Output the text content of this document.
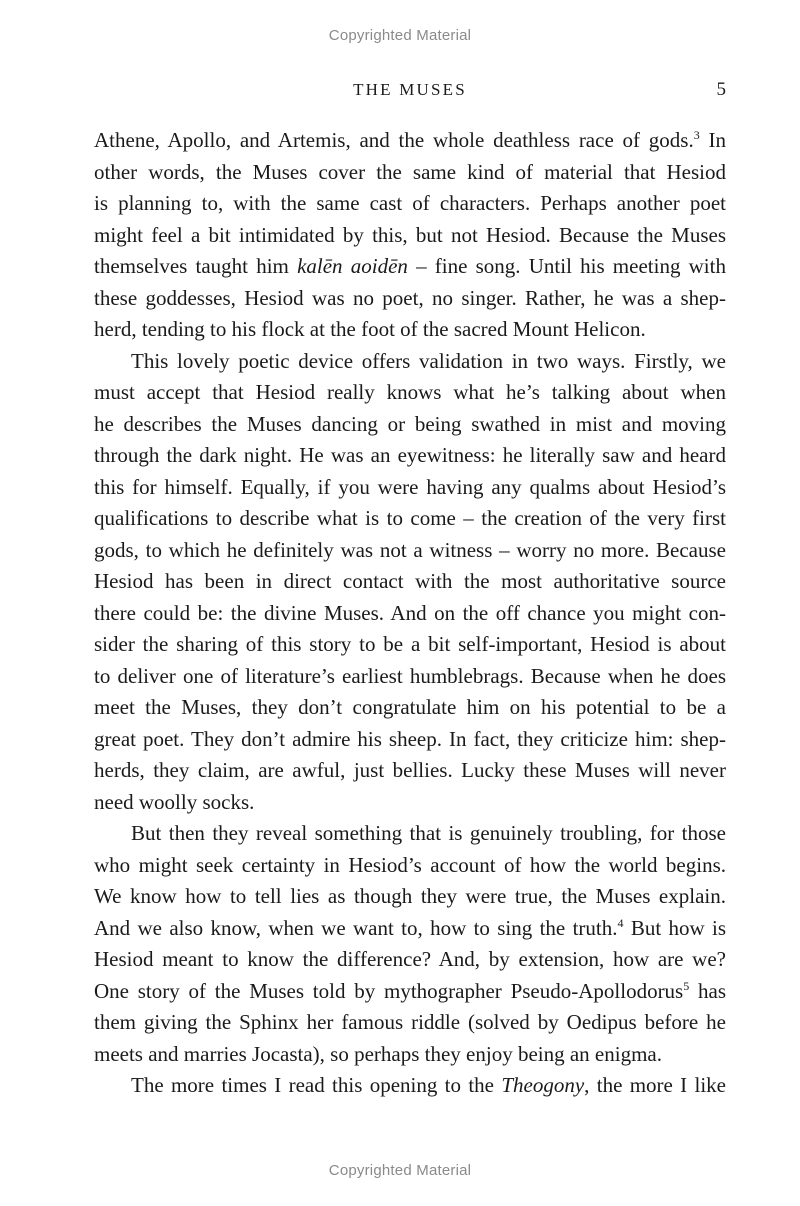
Copyrighted Material
THE MUSES	5

Athene, Apollo, and Artemis, and the whole deathless race of gods.$^3$ In

other words, the Muses cover the same kind of material that Hesiod

is planning to, with the same cast of characters. Perhaps another poet

might feel a bit intimidated by this, but not Hesiod. Because the Muses

themselves taught him kalēn aoidēn – fine song. Until his meeting with

these goddesses, Hesiod was no poet, no singer. Rather, he was a shep-

herd, tending to his flock at the foot of the sacred Mount Helicon.

This lovely poetic device offers validation in two ways. Firstly, we

must accept that Hesiod really knows what he’s talking about when

he describes the Muses dancing or being swathed in mist and moving

through the dark night. He was an eyewitness: he literally saw and heard

this for himself. Equally, if you were having any qualms about Hesiod’s

qualifications to describe what is to come – the creation of the very first

gods, to which he definitely was not a witness – worry no more. Because

Hesiod has been in direct contact with the most authoritative source

there could be: the divine Muses. And on the off chance you might con-

sider the sharing of this story to be a bit self-important, Hesiod is about

to deliver one of literature’s earliest humblebrags. Because when he does

meet the Muses, they don’t congratulate him on his potential to be a

great poet. They don’t admire his sheep. In fact, they criticize him: shep-

herds, they claim, are awful, just bellies. Lucky these Muses will never

need woolly socks.

But then they reveal something that is genuinely troubling, for those

who might seek certainty in Hesiod’s account of how the world begins.

We know how to tell lies as though they were true, the Muses explain.

And we also know, when we want to, how to sing the truth.$^4$ But how is

Hesiod meant to know the difference? And, by extension, how are we?

One story of the Muses told by mythographer Pseudo-Apollodorus$^5$ has

them giving the Sphinx her famous riddle (solved by Oedipus before he

meets and marries Jocasta), so perhaps they enjoy being an enigma.

The more times I read this opening to the Theogony, the more I like

Copyrighted Material
